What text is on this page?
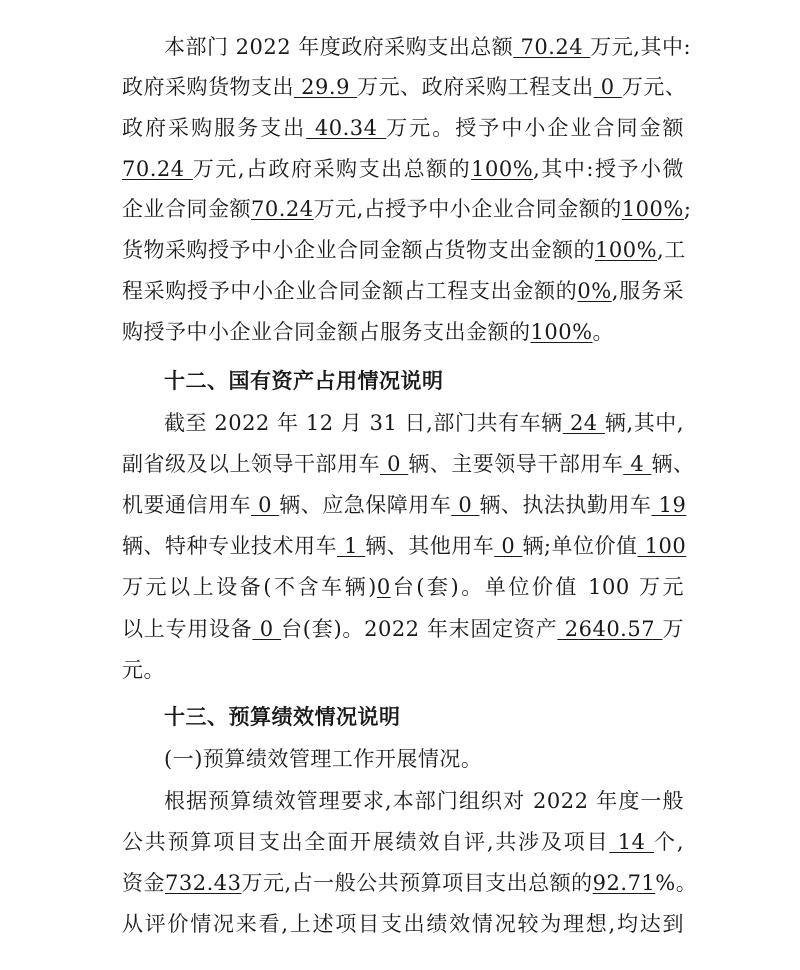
本部门 2022 年度政府采购支出总额 70.24 万元,其中:
政府采购货物支出 29.9 万元、政府采购工程支出 0 万元、
政府采购服务支出 40.34 万元。授予中小企业合同金额
70.24 万元,占政府采购支出总额的100%,其中:授予小微
企业合同金额70.24万元,占授予中小企业合同金额的100%;
货物采购授予中小企业合同金额占货物支出金额的100%,工
程采购授予中小企业合同金额占工程支出金额的0%,服务采
购授予中小企业合同金额占服务支出金额的100%。
十二、国有资产占用情况说明
截至 2022 年 12 月 31 日,部门共有车辆 24 辆,其中,
副省级及以上领导干部用车 0 辆、主要领导干部用车 4 辆、
机要通信用车 0 辆、应急保障用车 0 辆、执法执勤用车 19
辆、特种专业技术用车 1 辆、其他用车 0 辆;单位价值 100
万元以上设备(不含车辆)0台(套)。单位价值 100 万元
以上专用设备 0 台(套)。2022 年末固定资产 2640.57 万
元。
十三、预算绩效情况说明
(一)预算绩效管理工作开展情况。
根据预算绩效管理要求,本部门组织对 2022 年度一般
公共预算项目支出全面开展绩效自评,共涉及项目 14 个,
资金732.43万元,占一般公共预算项目支出总额的92.71%。
从评价情况来看,上述项目支出绩效情况较为理想,均达到
